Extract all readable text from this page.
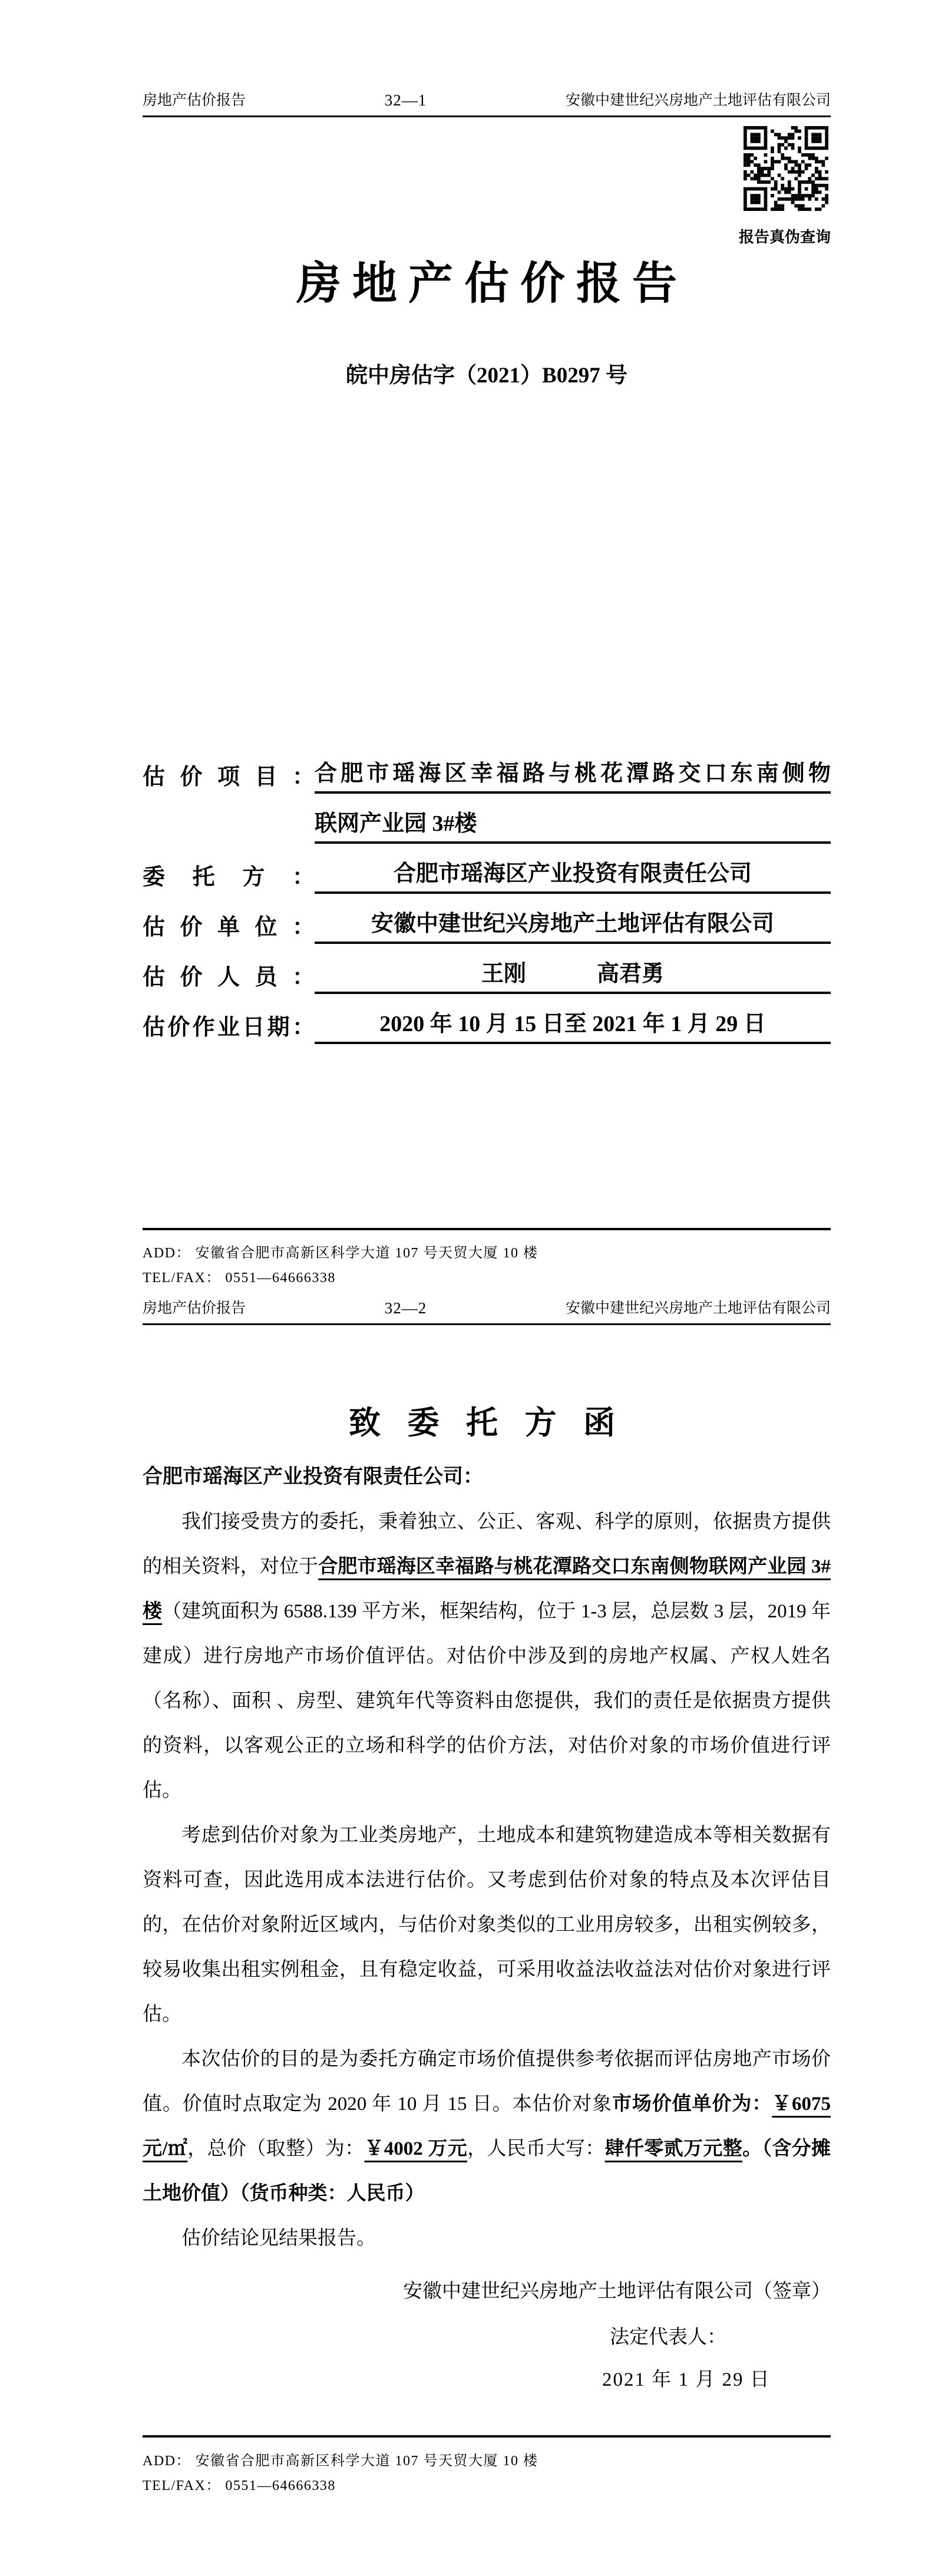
房地产估价报告	32—1	安徽中建世纪兴房地产土地评估有限公司
报告真伪查询
房 地 产 估 价 报 告
皖中房估字（2021）B0297 号
估 价 项 目 ： 合肥市瑶海区幸福路与桃花潭路交口东南侧物
联网产业园 3#楼
委 托 方 ：	合肥市瑶海区产业投资有限责任公司
估 价 单 位 ：	安徽中建世纪兴房地产土地评估有限公司
估 价 人 员 ：	王刚	高君勇
估价作业日期：	2020 年 10 月 15 日至 2021 年 1 月 29 日
ADD： 安徽省合肥市高新区科学大道 107 号天贸大厦 10 楼
TEL/FAX： 0551—64666338
房地产估价报告	32—2	安徽中建世纪兴房地产土地评估有限公司
致 委 托 方 函
合肥市瑶海区产业投资有限责任公司：

我们接受贵方的委托，秉着独立、公正、客观、科学的原则，依据贵方提供的相关资料，对位于合肥市瑶海区幸福路与桃花潭路交口东南侧物联网产业园 3#楼（建筑面积为 6588.139 平方米，框架结构，位于 1-3 层，总层数 3 层，2019 年建成）进行房地产市场价值评估。对估价中涉及到的房地产权属、产权人姓名（名称）、面积 、房型、建筑年代等资料由您提供，我们的责任是依据贵方提供的资料，以客观公正的立场和科学的估价方法，对估价对象的市场价值进行评估。

考虑到估价对象为工业类房地产，土地成本和建筑物建造成本等相关数据有资料可查，因此选用成本法进行估价。又考虑到估价对象的特点及本次评估目的，在估价对象附近区域内，与估价对象类似的工业用房较多，出租实例较多，较易收集出租实例租金，且有稳定收益，可采用收益法收益法对估价对象进行评估。

本次估价的目的是为委托方确定市场价值提供参考依据而评估房地产市场价值。价值时点取定为 2020 年 10 月 15 日。本估价对象市场价值单价为：￥6075 元/㎡，总价（取整）为：￥4002 万元，人民币大写：肆仟零贰万元整。（含分摊土地价值）（货币种类：人民币）

估价结论见结果报告。

安徽中建世纪兴房地产土地评估有限公司（签章）
法定代表人：
2021 年 1 月 29 日
ADD： 安徽省合肥市高新区科学大道 107 号天贸大厦 10 楼
TEL/FAX： 0551—64666338
